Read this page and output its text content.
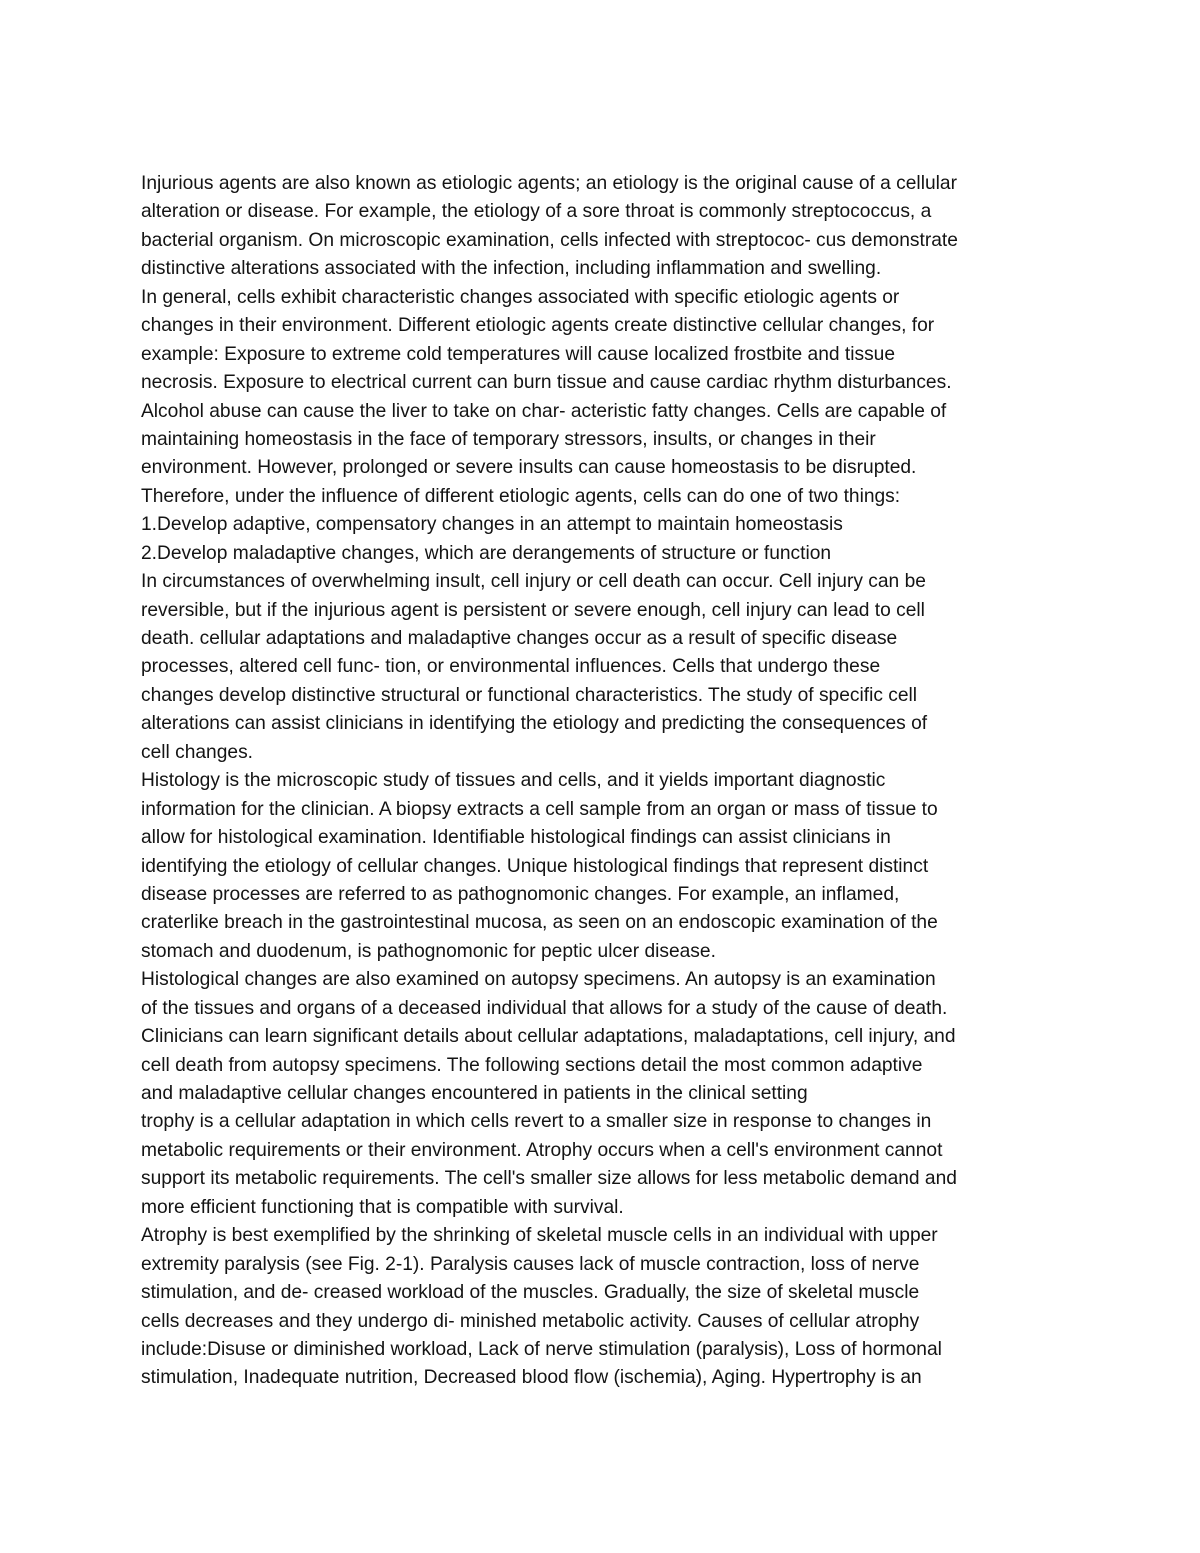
Injurious agents are also known as etiologic agents; an etiology is the original cause of a cellular
alteration or disease. For example, the etiology of a sore throat is commonly streptococcus, a
bacterial organism. On microscopic examination, cells infected with streptococ- cus demonstrate
distinctive alterations associated with the infection, including inflammation and swelling.
In general, cells exhibit characteristic changes associated with specific etiologic agents or
changes in their environment. Different etiologic agents create distinctive cellular changes, for
example: Exposure to extreme cold temperatures will cause localized frostbite and tissue
necrosis. Exposure to electrical current can burn tissue and cause cardiac rhythm disturbances.
Alcohol abuse can cause the liver to take on char- acteristic fatty changes. Cells are capable of
maintaining homeostasis in the face of temporary stressors, insults, or changes in their
environment. However, prolonged or severe insults can cause homeostasis to be disrupted.
Therefore, under the influence of different etiologic agents, cells can do one of two things:
1.Develop adaptive, compensatory changes in an attempt to maintain homeostasis
2.Develop maladaptive changes, which are derangements of structure or function
In circumstances of overwhelming insult, cell injury or cell death can occur. Cell injury can be
reversible, but if the injurious agent is persistent or severe enough, cell injury can lead to cell
death. cellular adaptations and maladaptive changes occur as a result of specific disease
processes, altered cell func- tion, or environmental influences. Cells that undergo these
changes develop distinctive structural or functional characteristics. The study of specific cell
alterations can assist clinicians in identifying the etiology and predicting the consequences of
cell changes.
Histology is the microscopic study of tissues and cells, and it yields important diagnostic
information for the clinician. A biopsy extracts a cell sample from an organ or mass of tissue to
allow for histological examination. Identifiable histological findings can assist clinicians in
identifying the etiology of cellular changes. Unique histological findings that represent distinct
disease processes are referred to as pathognomonic changes. For example, an inflamed,
craterlike breach in the gastrointestinal mucosa, as seen on an endoscopic examination of the
stomach and duodenum, is pathognomonic for peptic ulcer disease.
Histological changes are also examined on autopsy specimens. An autopsy is an examination
of the tissues and organs of a deceased individual that allows for a study of the cause of death.
Clinicians can learn significant details about cellular adaptations, maladaptations, cell injury, and
cell death from autopsy specimens. The following sections detail the most common adaptive
and maladaptive cellular changes encountered in patients in the clinical setting
trophy is a cellular adaptation in which cells revert to a smaller size in response to changes in
metabolic requirements or their environment. Atrophy occurs when a cell's environment cannot
support its metabolic requirements. The cell's smaller size allows for less metabolic demand and
more efficient functioning that is compatible with survival.
Atrophy is best exemplified by the shrinking of skeletal muscle cells in an individual with upper
extremity paralysis (see Fig. 2-1). Paralysis causes lack of muscle contraction, loss of nerve
stimulation, and de- creased workload of the muscles. Gradually, the size of skeletal muscle
cells decreases and they undergo di- minished metabolic activity. Causes of cellular atrophy
include:Disuse or diminished workload, Lack of nerve stimulation (paralysis), Loss of hormonal
stimulation, Inadequate nutrition, Decreased blood flow (ischemia), Aging. Hypertrophy is an
